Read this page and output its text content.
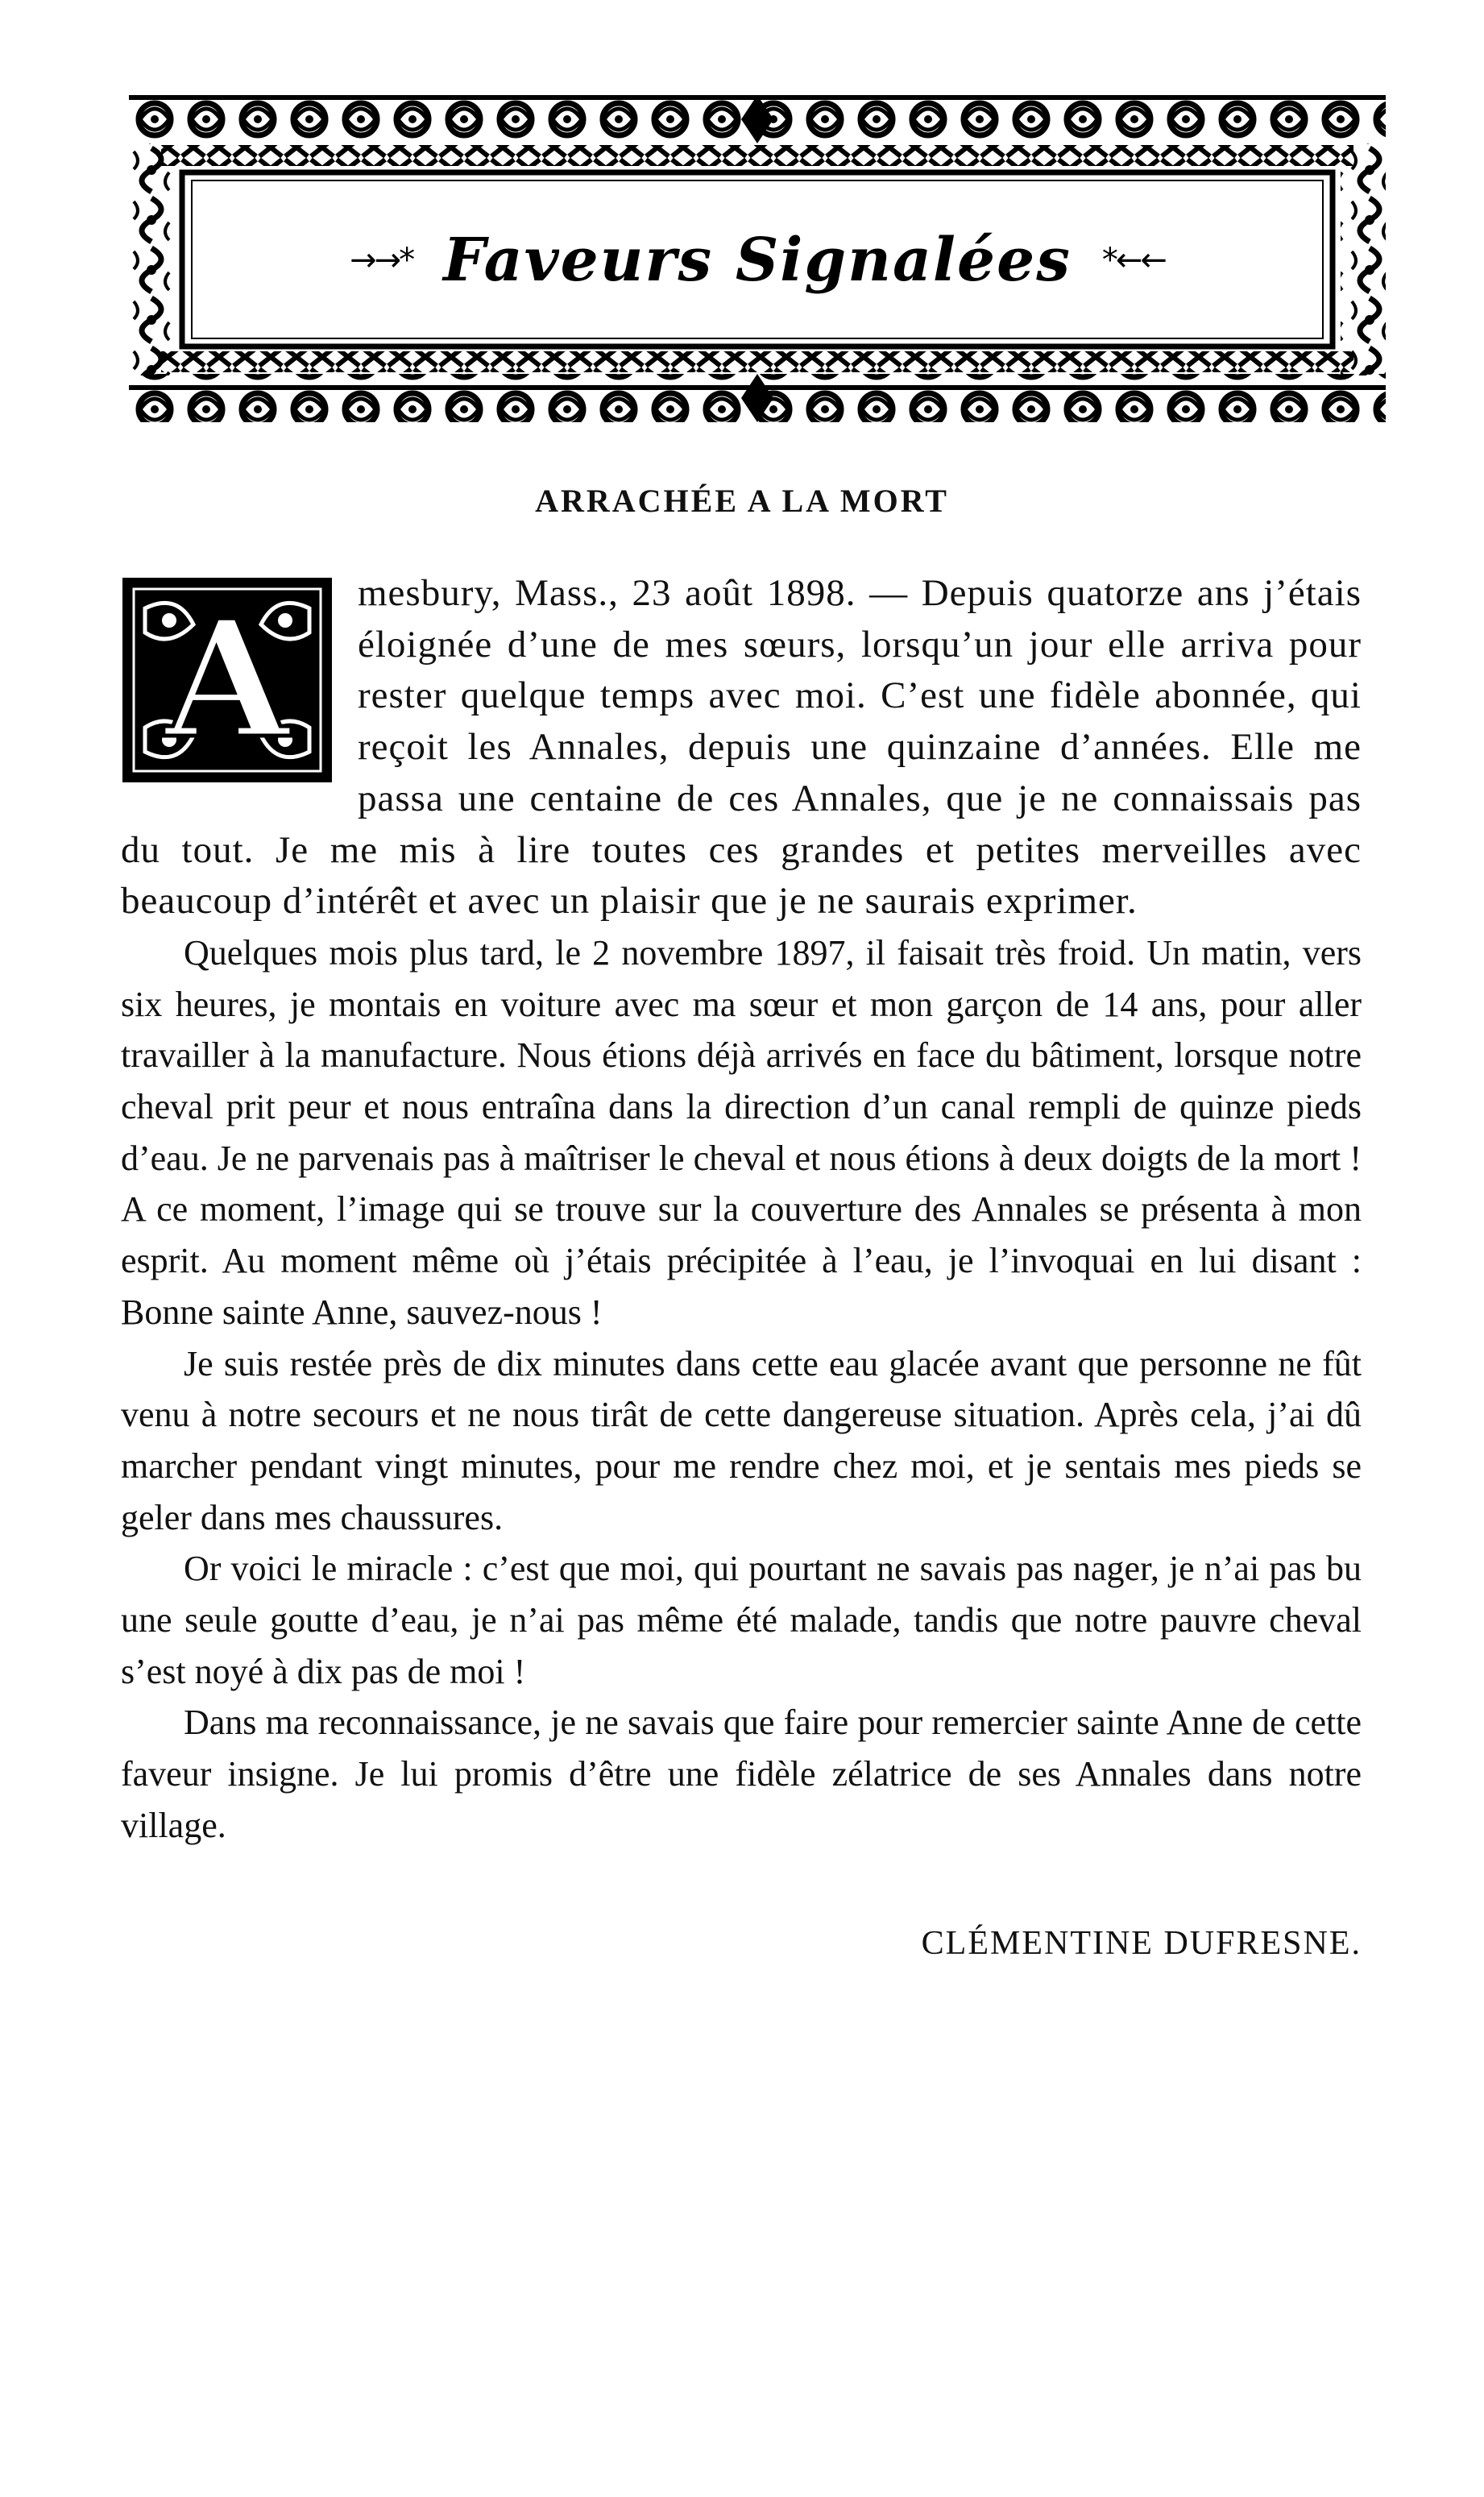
→→* Faveurs Signalées *←←
ARRACHÉE A LA MORT
A	mesbury, Mass., 23 août 1898. — Depuis quatorze ans j’étais éloignée d’une de mes sœurs, lorsqu’un jour elle arriva pour rester quelque temps avec moi. C’est une fidèle abonnée, qui reçoit les Annales, depuis une quinzaine d’années. Elle me passa une centaine de ces Annales, que je ne connaissais pas du tout. Je me mis à lire toutes ces grandes et petites merveilles avec beaucoup d’intérêt et avec un plaisir que je ne saurais exprimer.

Quelques mois plus tard, le 2 novembre 1897, il faisait très froid. Un matin, vers six heures, je montais en voiture avec ma sœur et mon garçon de 14 ans, pour aller travailler à la manufacture. Nous étions déjà arrivés en face du bâtiment, lorsque notre cheval prit peur et nous entraîna dans la direction d’un canal rempli de quinze pieds d’eau. Je ne parvenais pas à maîtriser le cheval et nous étions à deux doigts de la mort ! A ce moment, l’image qui se trouve sur la couverture des Annales se présenta à mon esprit. Au moment même où j’étais précipitée à l’eau, je l’invoquai en lui disant : Bonne sainte Anne, sauvez-nous !

Je suis restée près de dix minutes dans cette eau glacée avant que personne ne fût venu à notre secours et ne nous tirât de cette dangereuse situation. Après cela, j’ai dû marcher pendant vingt minutes, pour me rendre chez moi, et je sentais mes pieds se geler dans mes chaussures.

Or voici le miracle : c’est que moi, qui pourtant ne savais pas nager, je n’ai pas bu une seule goutte d’eau, je n’ai pas même été malade, tandis que notre pauvre cheval s’est noyé à dix pas de moi !

Dans ma reconnaissance, je ne savais que faire pour remercier sainte Anne de cette faveur insigne. Je lui promis d’être une fidèle zélatrice de ses Annales dans notre village.

CLÉMENTINE DUFRESNE.
